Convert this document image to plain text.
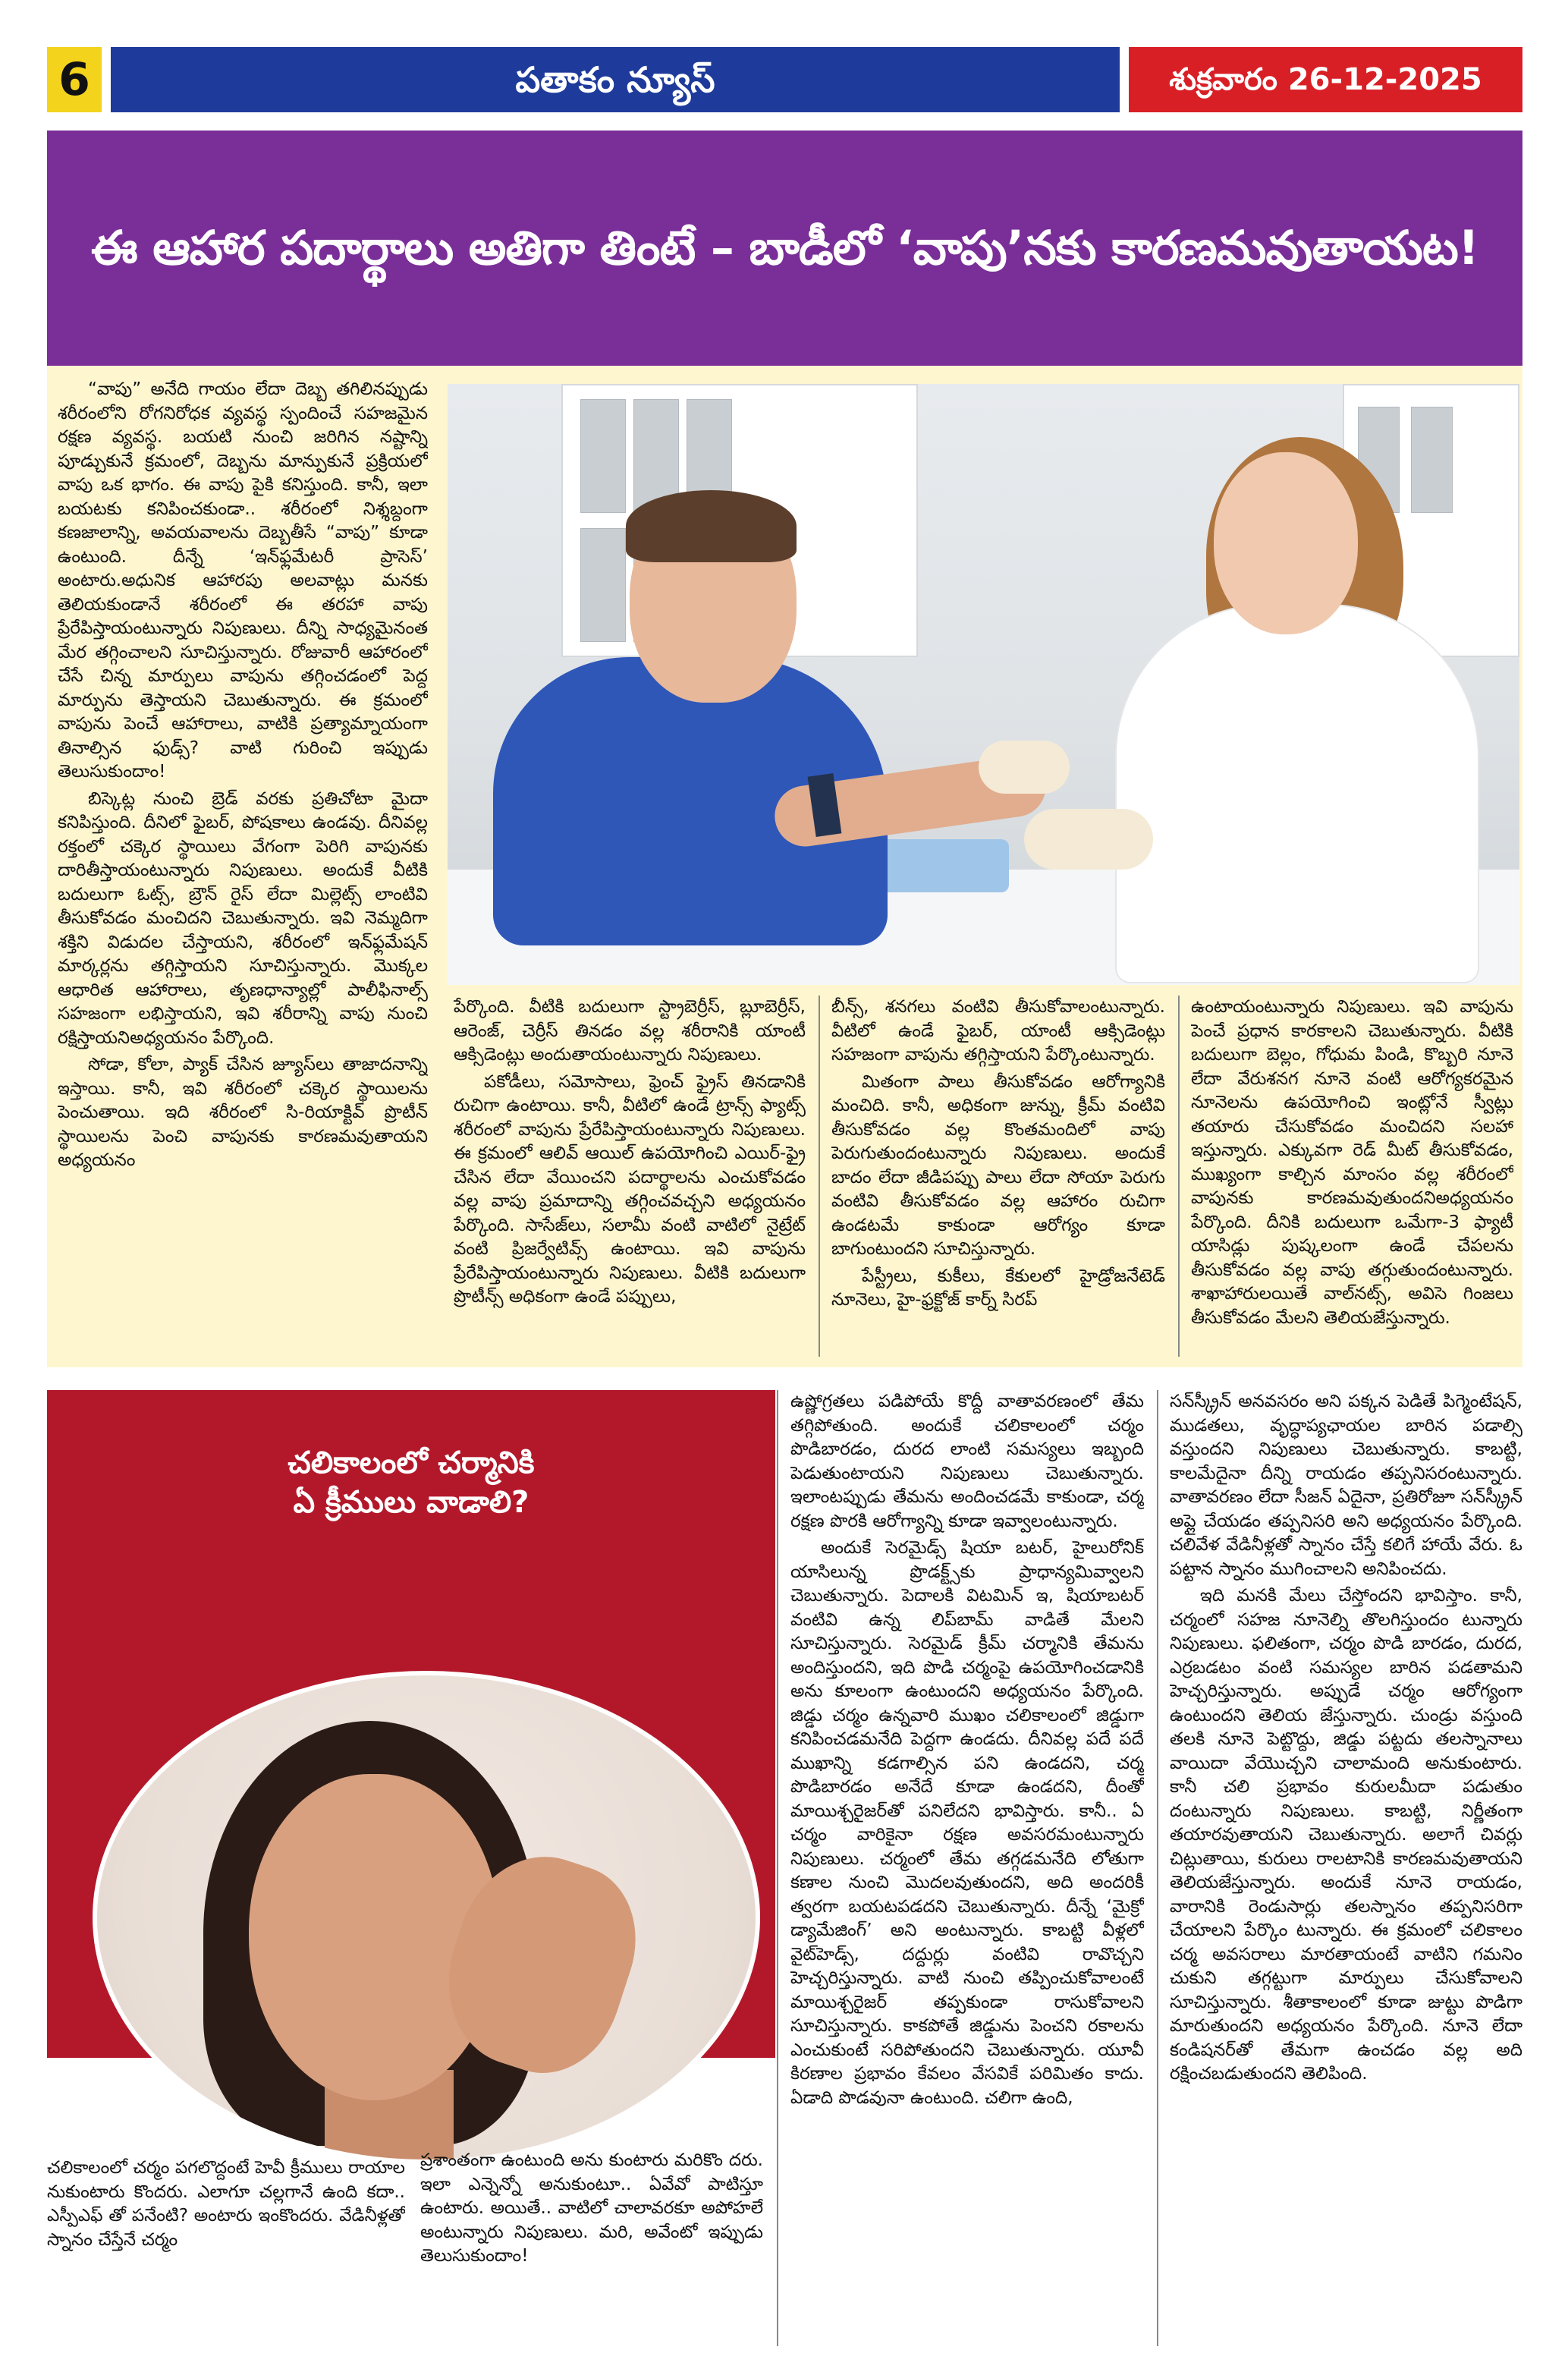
6	పతాకం న్యూస్	శుక్రవారం 26-12-2025
ఈ ఆహార పదార్థాలు అతిగా తింటే – బాడీలో ‘వాపు’నకు కారణమవుతాయట!

“వాపు” అనేది గాయం లేదా దెబ్బ తగిలినప్పుడు శరీరంలోని రోగనిరోధక వ్యవస్థ స్పందించే సహజమైన రక్షణ వ్యవస్థ. బయటి నుంచి జరిగిన నష్టాన్ని పూడ్చుకునే క్రమంలో, దెబ్బను మాన్పుకునే ప్రక్రియలో వాపు ఒక భాగం. ఈ వాపు పైకి కనిస్తుంది. కానీ, ఇలా బయటకు కనిపించకుండా.. శరీరంలో నిశ్శబ్దంగా కణజాలాన్ని, అవయవాలను దెబ్బతీసే “వాపు” కూడా ఉంటుంది. దీన్నే ‘ఇన్‌ఫ్లమేటరీ ప్రాసెస్’ అంటారు.అధునిక ఆహారపు అలవాట్లు మనకు తెలియకుండానే శరీరంలో ఈ తరహా వాపు ప్రేరేపిస్తాయంటున్నారు నిపుణులు. దీన్ని సాధ్యమైనంత మేర తగ్గించాలని సూచిస్తున్నారు. రోజువారీ ఆహారంలో చేసే చిన్న మార్పులు వాపును తగ్గించడంలో పెద్ద మార్పును తెస్తాయని చెబుతున్నారు. ఈ క్రమంలో వాపును పెంచే ఆహారాలు, వాటికి ప్రత్యామ్నాయంగా తినాల్సిన ఫుడ్స్? వాటి గురించి ఇప్పుడు తెలుసుకుందాం!

బిస్కెట్ల నుంచి బ్రెడ్ వరకు ప్రతిచోటా మైదా కనిపిస్తుంది. దీనిలో ఫైబర్, పోషకాలు ఉండవు. దీనివల్ల రక్తంలో చక్కెర స్థాయిలు వేగంగా పెరిగి వాపునకు దారితీస్తాయంటున్నారు నిపుణులు. అందుకే వీటికి బదులుగా ఓట్స్, బ్రౌన్ రైస్ లేదా మిల్లెట్స్ లాంటివి తీసుకోవడం మంచిదని చెబుతున్నారు. ఇవి నెమ్మదిగా శక్తిని విడుదల చేస్తాయని, శరీరంలో ఇన్‌ఫ్లమేషన్ మార్కర్లను తగ్గిస్తాయని సూచిస్తున్నారు. మొక్కల ఆధారిత ఆహారాలు, తృణధాన్యాల్లో పాలీఫినాల్స్ సహజంగా లభిస్తాయని, ఇవి శరీరాన్ని వాపు నుంచి రక్షిస్తాయనిఅధ్యయనం పేర్కొంది.

సోడా, కోలా, ప్యాక్ చేసిన జ్యూస్‌లు తాజాదనాన్ని ఇస్తాయి. కానీ, ఇవి శరీరంలో చక్కెర స్థాయిలను పెంచుతాయి. ఇది శరీరంలో సి-రియాక్టివ్ ప్రొటీన్ స్థాయిలను పెంచి వాపునకు కారణమవుతాయని అధ్యయనం

పేర్కొంది. వీటికి బదులుగా స్ట్రాబెర్రీస్, బ్లూబెర్రీస్, ఆరెంజ్, చెర్రీస్ తినడం వల్ల శరీరానికి యాంటీ ఆక్సిడెంట్లు అందుతాయంటున్నారు నిపుణులు.

పకోడీలు, సమోసాలు, ఫ్రెంచ్ ఫ్రైస్ తినడానికి రుచిగా ఉంటాయి. కానీ, వీటిలో ఉండే ట్రాన్స్ ఫ్యాట్స్ శరీరంలో వాపును ప్రేరేపిస్తాయంటున్నారు నిపుణులు. ఈ క్రమంలో ఆలివ్ ఆయిల్ ఉపయోగించి ఎయిర్-ఫ్రై చేసిన లేదా వేయించని పదార్థాలను ఎంచుకోవడం వల్ల వాపు ప్రమాదాన్ని తగ్గించవచ్చని అధ్యయనం పేర్కొంది. సాసేజ్‌లు, సలామీ వంటి వాటిలో నైట్రేట్ వంటి ప్రిజర్వేటివ్స్ ఉంటాయి. ఇవి వాపును ప్రేరేపిస్తాయంటున్నారు నిపుణులు. వీటికి బదులుగా ప్రొటీన్స్ అధికంగా ఉండే పప్పులు,

బీన్స్, శనగలు వంటివి తీసుకోవాలంటున్నారు. వీటిలో ఉండే ఫైబర్, యాంటీ ఆక్సిడెంట్లు సహజంగా వాపును తగ్గిస్తాయని పేర్కొంటున్నారు.

మితంగా పాలు తీసుకోవడం ఆరోగ్యానికి మంచిది. కానీ, అధికంగా జున్ను, క్రీమ్ వంటివి తీసుకోవడం వల్ల కొంతమందిలో వాపు పెరుగుతుందంటున్నారు నిపుణులు. అందుకే బాదం లేదా జీడిపప్పు పాలు లేదా సోయా పెరుగు వంటివి తీసుకోవడం వల్ల ఆహారం రుచిగా ఉండటమే కాకుండా ఆరోగ్యం కూడా బాగుంటుందని సూచిస్తున్నారు.

పేస్ట్రీలు, కుకీలు, కేకులలో హైడ్రోజనేటెడ్ నూనెలు, హై-ఫ్రక్టోజ్ కార్న్ సిరప్

ఉంటాయంటున్నారు నిపుణులు. ఇవి వాపును పెంచే ప్రధాన కారకాలని చెబుతున్నారు. వీటికి బదులుగా బెల్లం, గోధుమ పిండి, కొబ్బరి నూనె లేదా వేరుశనగ నూనె వంటి ఆరోగ్యకరమైన నూనెలను ఉపయోగించి ఇంట్లోనే స్వీట్లు తయారు చేసుకోవడం మంచిదని సలహా ఇస్తున్నారు. ఎక్కువగా రెడ్ మీట్ తీసుకోవడం, ముఖ్యంగా కాల్చిన మాంసం వల్ల శరీరంలో వాపునకు కారణమవుతుందనిఅధ్యయనం పేర్కొంది. దీనికి బదులుగా ఒమేగా-3 ఫ్యాటీ యాసిడ్లు పుష్కలంగా ఉండే చేపలను తీసుకోవడం వల్ల వాపు తగ్గుతుందంటున్నారు. శాఖాహారులయితే వాల్‌నట్స్, అవిసె గింజలు తీసుకోవడం మేలని తెలియజేస్తున్నారు.

చలికాలంలో చర్మానికి
ఏ క్రీములు వాడాలి?

చలికాలంలో చర్మం పగలొద్దంటే హెవీ క్రీములు రాయాల నుకుంటారు కొందరు. ఎలాగూ చల్లగానే ఉంది కదా.. ఎస్పీఎఫ్ తో పనేంటి? అంటారు ఇంకొందరు. వేడినీళ్లతో స్నానం చేస్తేనే చర్మం

ప్రశాంతంగా ఉంటుంది అను కుంటారు మరికొం దరు. ఇలా ఎన్నెన్నో అనుకుంటూ.. ఏవేవో పాటిస్తూ ఉంటారు. అయితే.. వాటిలో చాలావరకూ అపోహలే అంటున్నారు నిపుణులు. మరి, అవేంటో ఇప్పుడు తెలుసుకుందాం!

ఉష్ణోగ్రతలు పడిపోయే కొద్దీ వాతావరణంలో తేమ తగ్గిపోతుంది. అందుకే చలికాలంలో చర్మం పొడిబారడం, దురద లాంటి సమస్యలు ఇబ్బంది పెడుతుంటాయని నిపుణులు చెబుతున్నారు. ఇలాంటప్పుడు తేమను అందించడమే కాకుండా, చర్మ రక్షణ పొరకి ఆరోగ్యాన్ని కూడా ఇవ్వాలంటున్నారు.

అందుకే సెరమైడ్స్ షియా బటర్, హైలురోనిక్ యాసిలున్న ప్రొడక్ట్స్‌కు ప్రాధాన్యమివ్వాలని చెబుతున్నారు. పెదాలకి విటమిన్ ఇ, షియాబటర్ వంటివి ఉన్న లిప్‌బామ్ వాడితే మేలని సూచిస్తున్నారు. సెరమైడ్ క్రీమ్ చర్మానికి తేమను అందిస్తుందని, ఇది పొడి చర్మంపై ఉపయోగించడానికి అను కూలంగా ఉంటుందని అధ్యయనం పేర్కొంది. జిడ్డు చర్మం ఉన్నవారి ముఖం చలికాలంలో జిడ్డుగా కనిపించడమనేది పెద్దగా ఉండదు. దీనివల్ల పదే పదే ముఖాన్ని కడగాల్సిన పని ఉండదని, చర్మ పొడిబారడం అనేదే కూడా ఉండదని, దీంతో మాయిశ్చరైజర్‌తో పనిలేదని భావిస్తారు. కానీ.. ఏ చర్మం వారికైనా రక్షణ అవసరమంటున్నారు నిపుణులు. చర్మంలో తేమ తగ్గడమనేది లోతుగా కణాల నుంచి మొదలవుతుందని, అది అందరికీ త్వరగా బయటపడదని చెబుతున్నారు. దీన్నే ‘మైక్రో డ్యామేజింగ్’ అని అంటున్నారు. కాబట్టి వీళ్లలో వైట్‌హెడ్స్, దద్దుర్లు వంటివి రావొచ్చని హెచ్చరిస్తున్నారు. వాటి నుంచి తప్పించుకోవాలంటే మాయిశ్చరైజర్ తప్పకుండా రాసుకోవాలని సూచిస్తున్నారు. కాకపోతే జిడ్డును పెంచని రకాలను ఎంచుకుంటే సరిపోతుందని చెబుతున్నారు. యూవీ కిరణాల ప్రభావం కేవలం వేసవికే పరిమితం కాదు. ఏడాది పొడవునా ఉంటుంది. చలిగా ఉంది,

సన్‌స్క్రీన్ అనవసరం అని పక్కన పెడితే పిగ్మెంటేషన్, ముడతలు, వృద్ధాప్యఛాయల బారిన పడాల్సి వస్తుందని నిపుణులు చెబుతున్నారు. కాబట్టి, కాలమేదైనా దీన్ని రాయడం తప్పనిసరంటున్నారు. వాతావరణం లేదా సీజన్ ఏదైనా, ప్రతిరోజూ సన్‌స్క్రీన్ అప్లై చేయడం తప్పనిసరి అని అధ్యయనం పేర్కొంది. చలివేళ వేడినీళ్లతో స్నానం చేస్తే కలిగే హాయే వేరు. ఓ పట్టాన స్నానం ముగించాలని అనిపించదు.

ఇది మనకి మేలు చేస్తోందని భావిస్తాం. కానీ, చర్మంలో సహజ నూనెల్ని తొలగిస్తుందం టున్నారు నిపుణులు. ఫలితంగా, చర్మం పొడి బారడం, దురద, ఎర్రబడటం వంటి సమస్యల బారిన పడతామని హెచ్చరిస్తున్నారు. అప్పుడే చర్మం ఆరోగ్యంగా ఉంటుందని తెలియ జేస్తున్నారు. చుండ్రు వస్తుంది తలకి నూనె పెట్టొద్దు, జిడ్డు పట్టదు తలస్నానాలు వాయిదా వేయొచ్చని చాలామంది అనుకుంటారు. కానీ చలి ప్రభావం కురులమీదా పడుతుం దంటున్నారు నిపుణులు. కాబట్టి, నిర్ణీతంగా తయారవుతాయని చెబుతున్నారు. అలాగే చివర్లు చిట్లుతాయి, కురులు రాలటానికి కారణమవుతాయని తెలియజేస్తున్నారు. అందుకే నూనె రాయడం, వారానికి రెండుసార్లు తలస్నానం తప్పనిసరిగా చేయాలని పేర్కొం టున్నారు. ఈ క్రమంలో చలికాలం చర్మ అవసరాలు మారతాయంటే వాటిని గమనిం చుకుని తగ్గట్టుగా మార్పులు చేసుకోవాలని సూచిస్తున్నారు. శీతాకాలంలో కూడా జుట్టు పొడిగా మారుతుందని అధ్యయనం పేర్కొంది. నూనె లేదా కండిషనర్‌తో తేమగా ఉంచడం వల్ల అది రక్షించబడుతుందని తెలిపింది.
